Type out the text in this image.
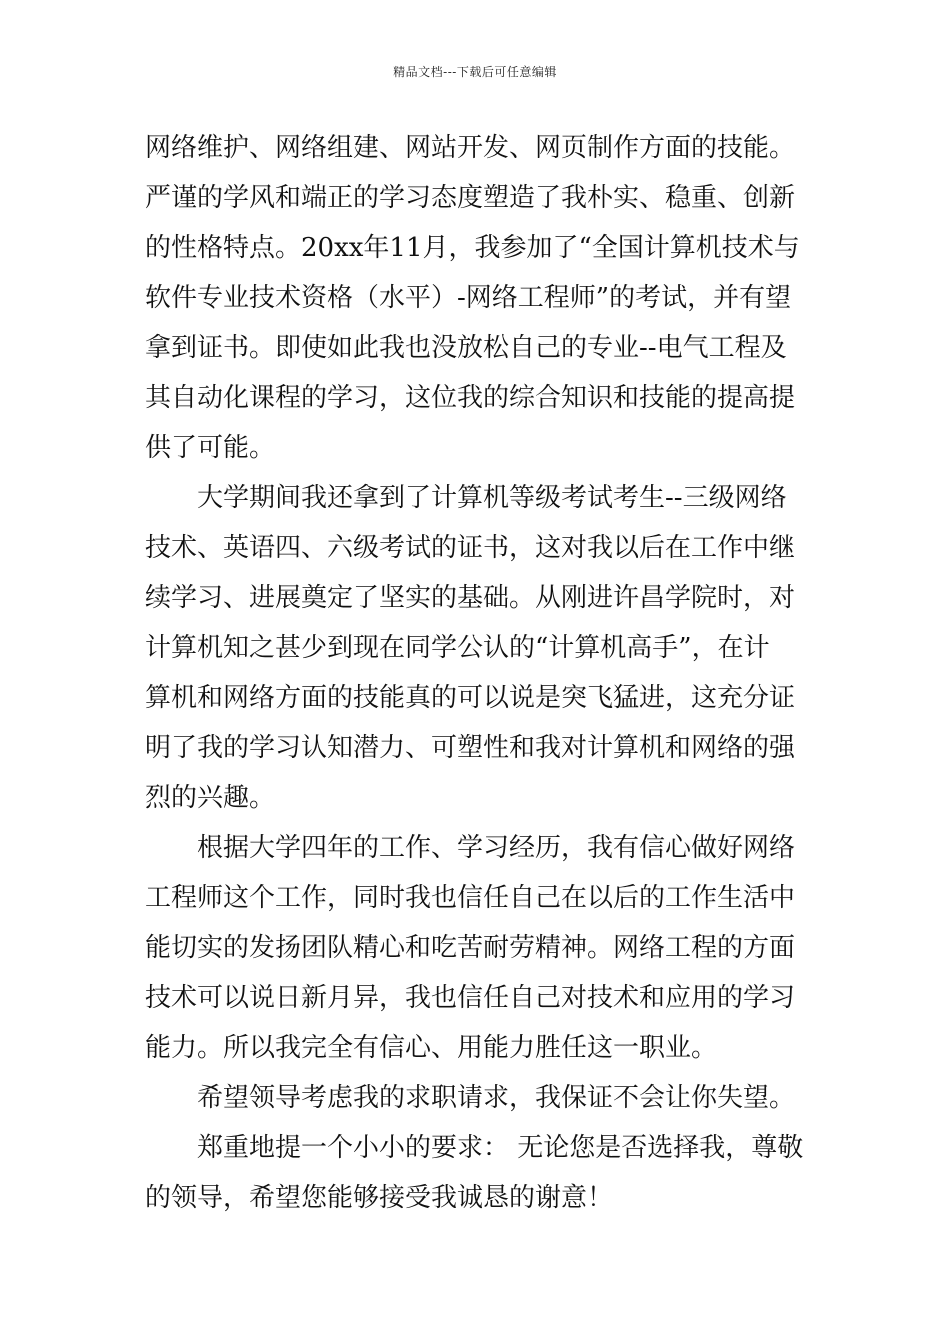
精品文档---下载后可任意编辑
网络维护、网络组建、网站开发、网页制作方面的技能。
严谨的学风和端正的学习态度塑造了我朴实、稳重、创新
的性格特点。20xx年11月，我参加了“全国计算机技术与
软件专业技术资格（水平）-网络工程师”的考试，并有望
拿到证书。即使如此我也没放松自己的专业--电气工程及
其自动化课程的学习，这位我的综合知识和技能的提高提
供了可能。
大学期间我还拿到了计算机等级考试考生--三级网络
技术、英语四、六级考试的证书，这对我以后在工作中继
续学习、进展奠定了坚实的基础。从刚进许昌学院时，对
计算机知之甚少到现在同学公认的“计算机高手”，在计
算机和网络方面的技能真的可以说是突飞猛进，这充分证
明了我的学习认知潜力、可塑性和我对计算机和网络的强
烈的兴趣。
根据大学四年的工作、学习经历，我有信心做好网络
工程师这个工作，同时我也信任自己在以后的工作生活中
能切实的发扬团队精心和吃苦耐劳精神。网络工程的方面
技术可以说日新月异，我也信任自己对技术和应用的学习
能力。所以我完全有信心、用能力胜任这一职业。
希望领导考虑我的求职请求，我保证不会让你失望。
郑重地提一个小小的要求： 无论您是否选择我，尊敬
的领导，希望您能够接受我诚恳的谢意！
